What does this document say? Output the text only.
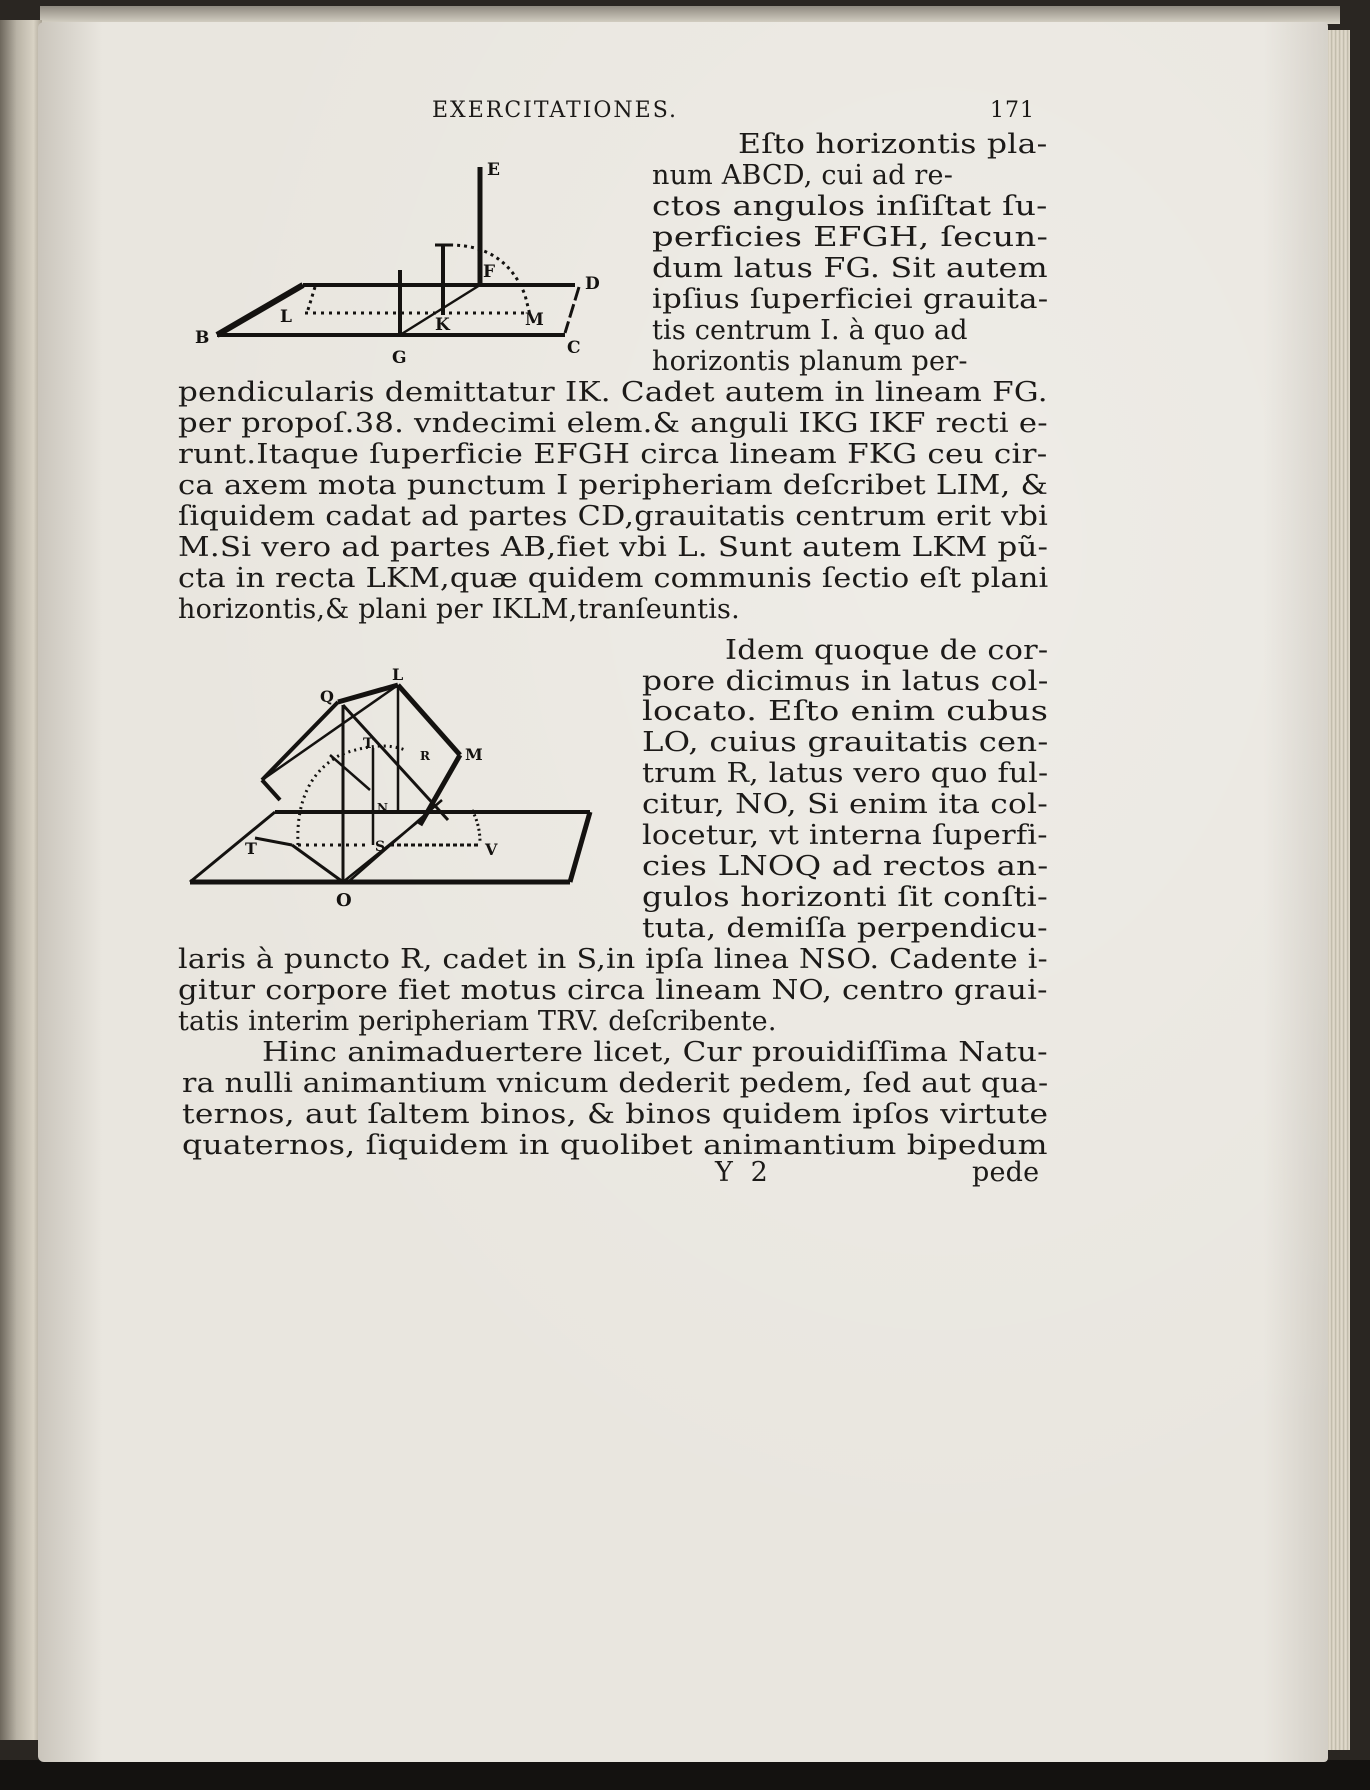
EXERCITATIONES.	171
E
F
D
L	K	M
B
G	C
Eſto horizontis pla-
num ABCD, cui ad re-
ctos angulos inſiſtat ſu-
perficies EFGH, ſecun-
dum latus FG. Sit autem
ipſius ſuperficiei grauita-
tis centrum I. à quo ad
horizontis planum per-
pendicularis demittatur IK. Cadet autem in lineam FG.
per propoſ.38. vndecimi elem.& anguli IKG IKF recti e-
runt.Itaque ſuperficie EFGH circa lineam FKG ceu cir-
ca axem mota punctum I peripheriam deſcribet LIM, &
ſiquidem cadat ad partes CD,grauitatis centrum erit vbi
M.Si vero ad partes AB,fiet vbi L. Sunt autem LKM pũ-
cta in recta LKM,quæ quidem communis ſectio eſt plani
horizontis,& plani per IKLM,tranſeuntis.
L
Q
M
R
T
N
S
T	V
O
Idem quoque de cor-
pore dicimus in latus col-
locato. Eſto enim cubus
LO, cuius grauitatis cen-
trum R, latus vero quo ful-
citur, NO, Si enim ita col-
locetur, vt interna ſuperfi-
cies LNOQ ad rectos an-
gulos horizonti ſit conſti-
tuta, demiſſa perpendicu-
laris à puncto R, cadet in S,in ipſa linea NSO. Cadente i-
gitur corpore fiet motus circa lineam NO, centro graui-
tatis interim peripheriam TRV. deſcribente.
Hinc animaduertere licet, Cur prouidiſſima Natu-
ra nulli animantium vnicum dederit pedem, ſed aut qua-
ternos, aut ſaltem binos, & binos quidem ipſos virtute
quaternos, ſiquidem in quolibet animantium bipedum
Y  2	pede
